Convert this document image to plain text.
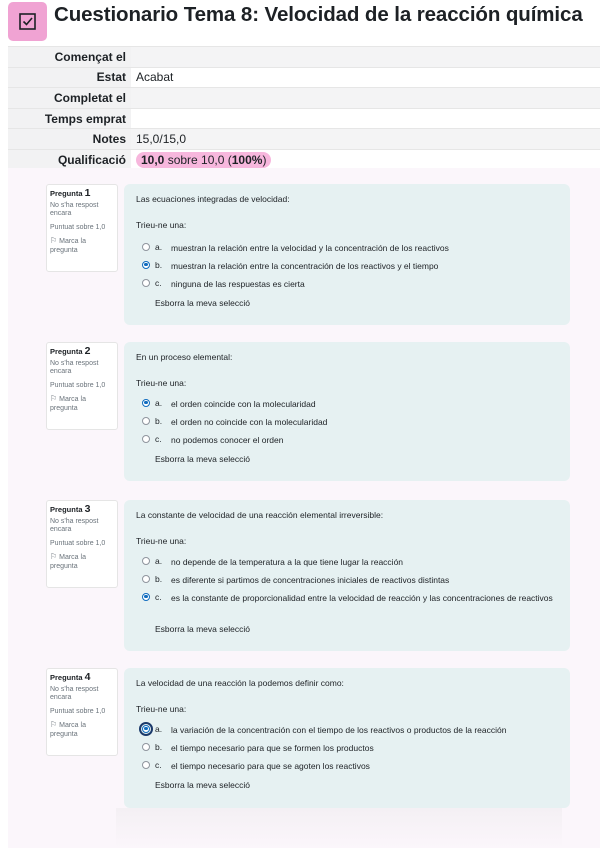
Cuestionario Tema 8: Velocidad de la reacción química
Començat el	
Estat	Acabat
Completat el	
Temps emprat	
Notes	15,0/15,0
Qualificació	10,0 sobre 10,0 (100%)
Pregunta 1
No s'ha respost encara
Puntuat sobre 1,0
⚐ Marca la pregunta
Las ecuaciones integradas de velocidad:
Trieu-ne una:
a.	muestran la relación entre la velocidad y la concentración de los reactivos
b.	muestran la relación entre la concentración de los reactivos y el tiempo
c.	ninguna de las respuestas es cierta
Esborra la meva selecció
Pregunta 2
No s'ha respost encara
Puntuat sobre 1,0
⚐ Marca la pregunta
En un proceso elemental:
Trieu-ne una:
a.	el orden coincide con la molecularidad
b.	el orden no coincide con la molecularidad
c.	no podemos conocer el orden
Esborra la meva selecció
Pregunta 3
No s'ha respost encara
Puntuat sobre 1,0
⚐ Marca la pregunta
La constante de velocidad de una reacción elemental irreversible:
Trieu-ne una:
a.	no depende de la temperatura a la que tiene lugar la reacción
b.	es diferente si partimos de concentraciones iniciales de reactivos distintas
c.	es la constante de proporcionalidad entre la velocidad de reacción y las concentraciones de reactivos
Esborra la meva selecció
Pregunta 4
No s'ha respost encara
Puntuat sobre 1,0
⚐ Marca la pregunta
La velocidad de una reacción la podemos definir como:
Trieu-ne una:
a.	la variación de la concentración con el tiempo de los reactivos o productos de la reacción
b.	el tiempo necesario para que se formen los productos
c.	el tiempo necesario para que se agoten los reactivos
Esborra la meva selecció
